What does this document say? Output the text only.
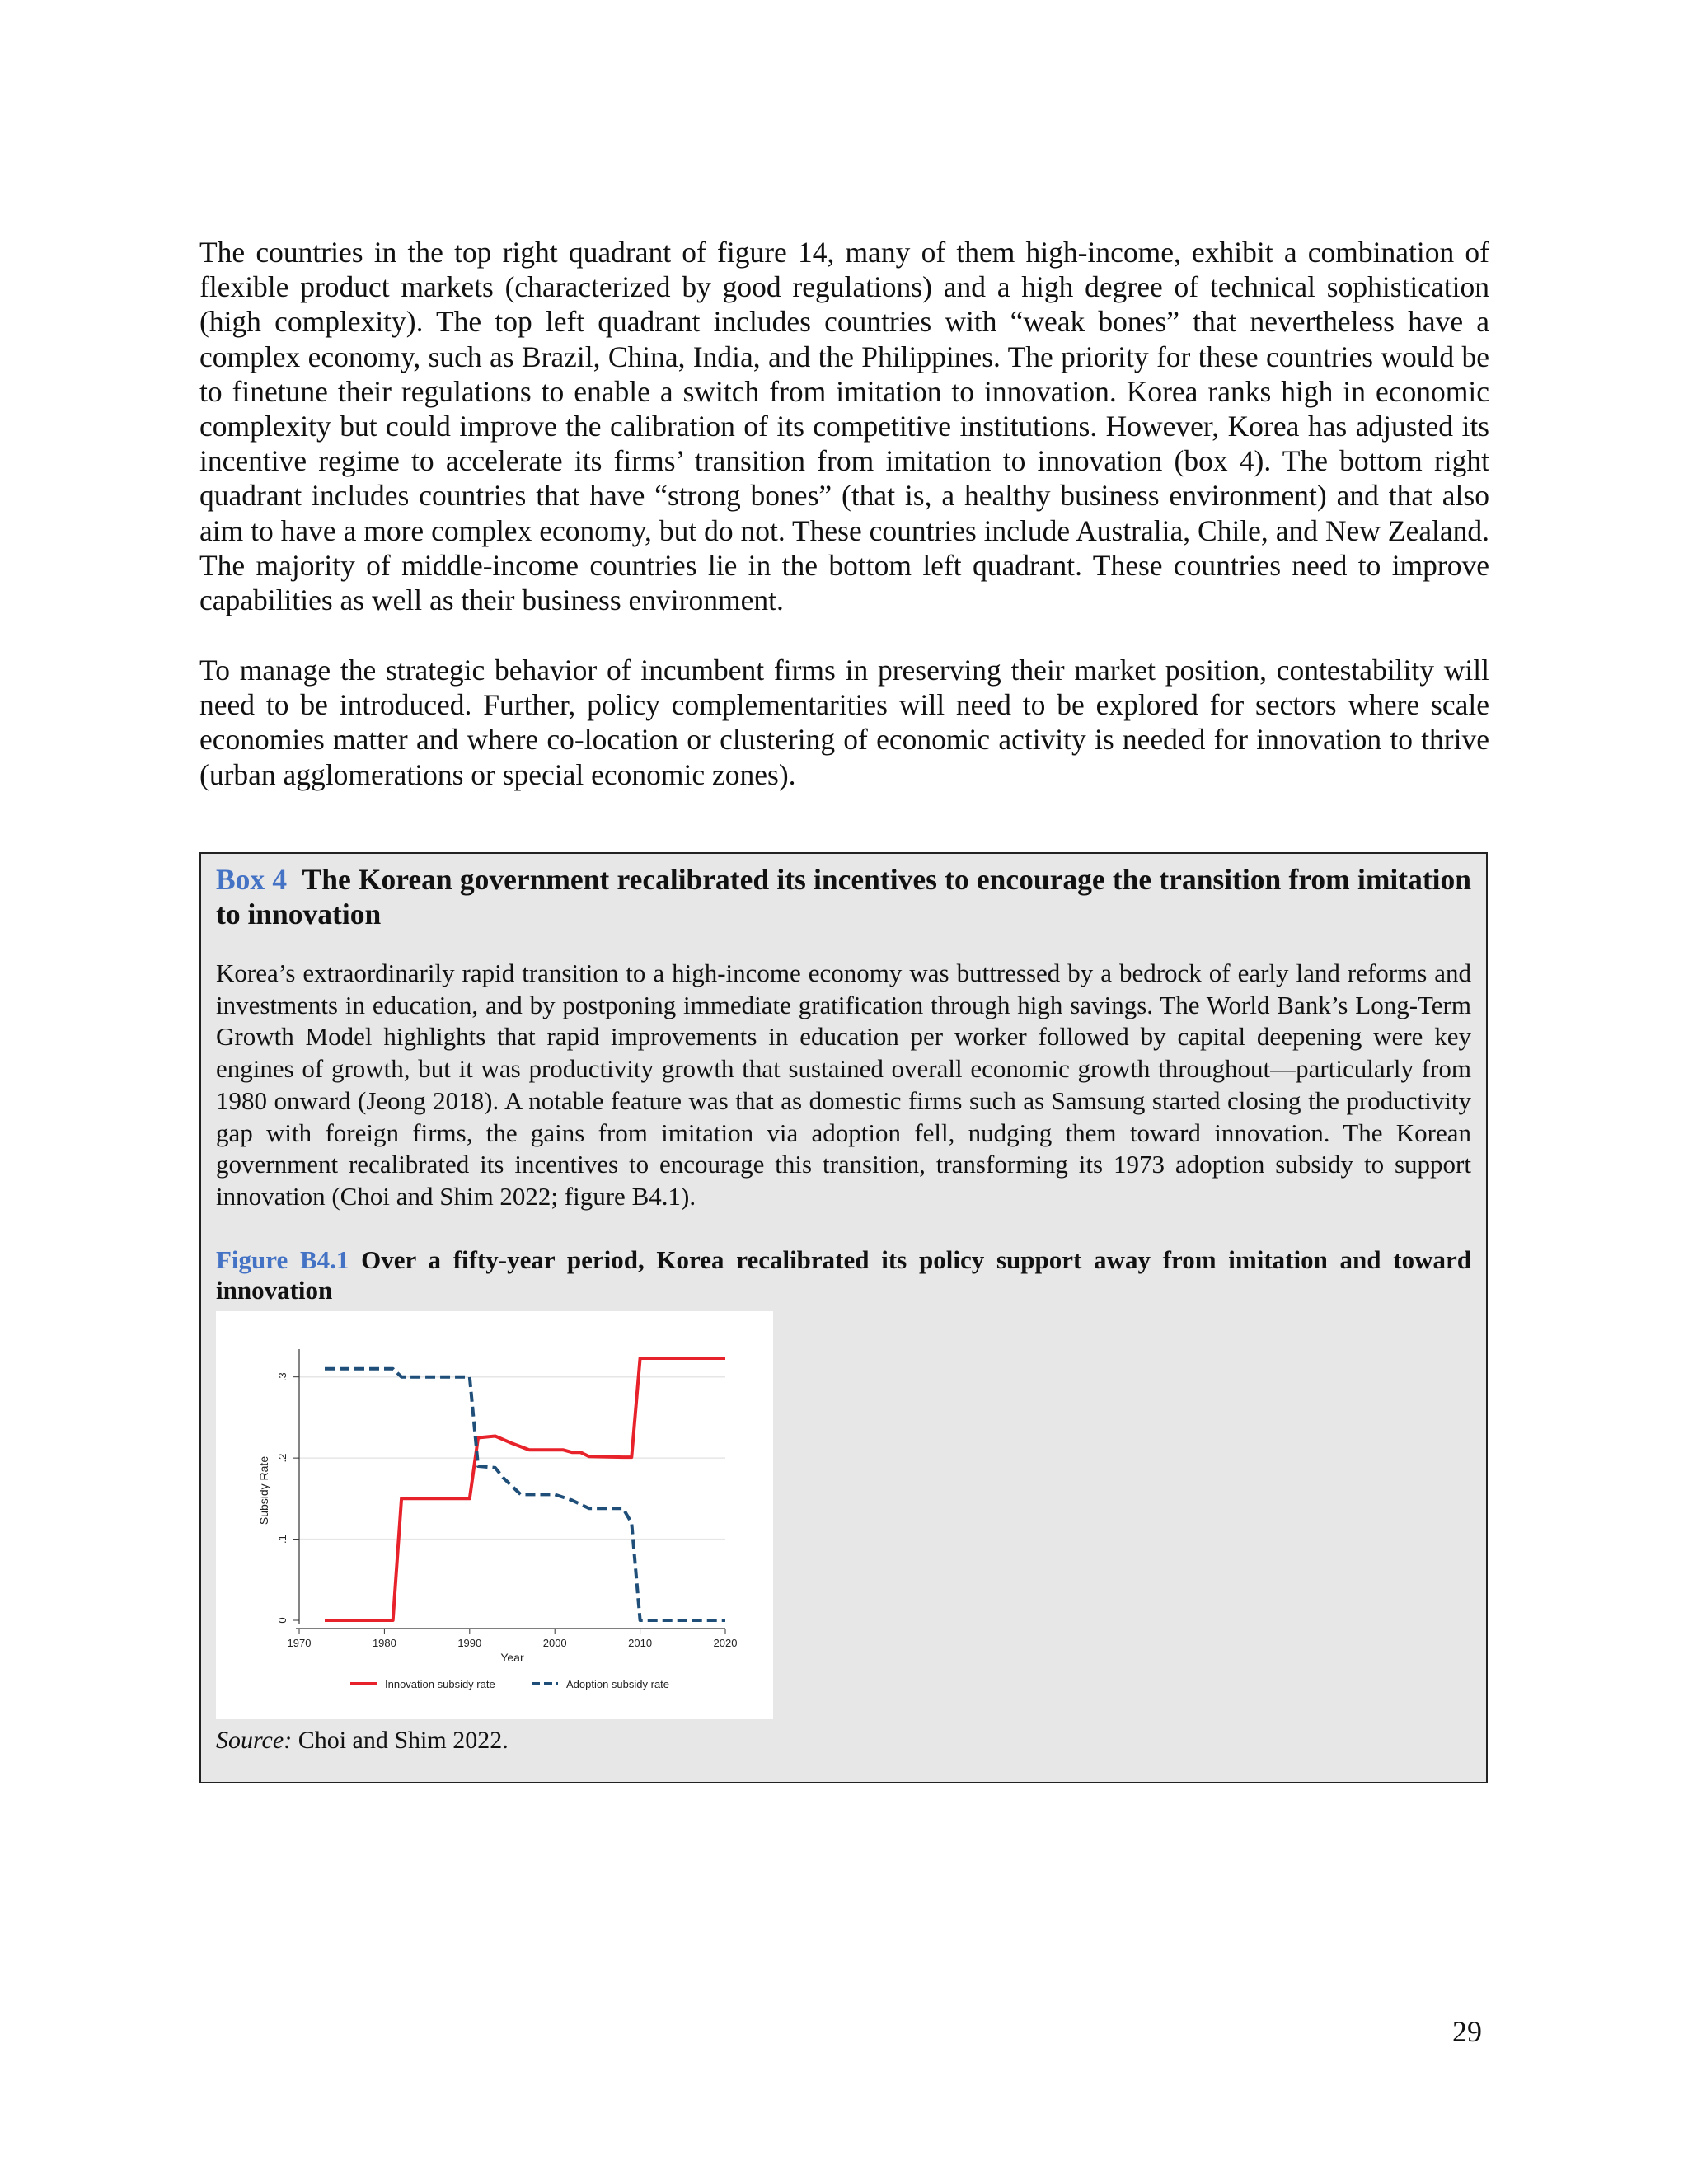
The countries in the top right quadrant of figure 14, many of them high-income, exhibit a combination of flexible product markets (characterized by good regulations) and a high degree of technical sophistication (high complexity). The top left quadrant includes countries with “weak bones” that nevertheless have a complex economy, such as Brazil, China, India, and the Philippines. The priority for these countries would be to finetune their regulations to enable a switch from imitation to innovation. Korea ranks high in economic complexity but could improve the calibration of its competitive institutions. However, Korea has adjusted its incentive regime to accelerate its firms’ transition from imitation to innovation (box 4). The bottom right quadrant includes countries that have “strong bones” (that is, a healthy business environment) and that also aim to have a more complex economy, but do not. These countries include Australia, Chile, and New Zealand. The majority of middle-income countries lie in the bottom left quadrant. These countries need to improve capabilities as well as their business environment.

To manage the strategic behavior of incumbent firms in preserving their market position, contestability will need to be introduced. Further, policy complementarities will need to be explored for sectors where scale economies matter and where co-location or clustering of economic activity is needed for innovation to thrive (urban agglomerations or special economic zones).

Box 4 The Korean government recalibrated its incentives to encourage the transition from imitation to innovation

Korea’s extraordinarily rapid transition to a high-income economy was buttressed by a bedrock of early land reforms and investments in education, and by postponing immediate gratification through high savings. The World Bank’s Long-Term Growth Model highlights that rapid improvements in education per worker followed by capital deepening were key engines of growth, but it was productivity growth that sustained overall economic growth throughout—particularly from 1980 onward (Jeong 2018). A notable feature was that as domestic firms such as Samsung started closing the productivity gap with foreign firms, the gains from imitation via adoption fell, nudging them toward innovation. The Korean government recalibrated its incentives to encourage this transition, transforming its 1973 adoption subsidy to support innovation (Choi and Shim 2022; figure B4.1).

Figure B4.1 Over a fifty-year period, Korea recalibrated its policy support away from imitation and toward innovation

0
.1
.2
.3
1970	1980	1990	2000	2010	2020
Year
Subsidy Rate
Innovation subsidy rate	Adoption subsidy rate

Source: Choi and Shim 2022.

29
